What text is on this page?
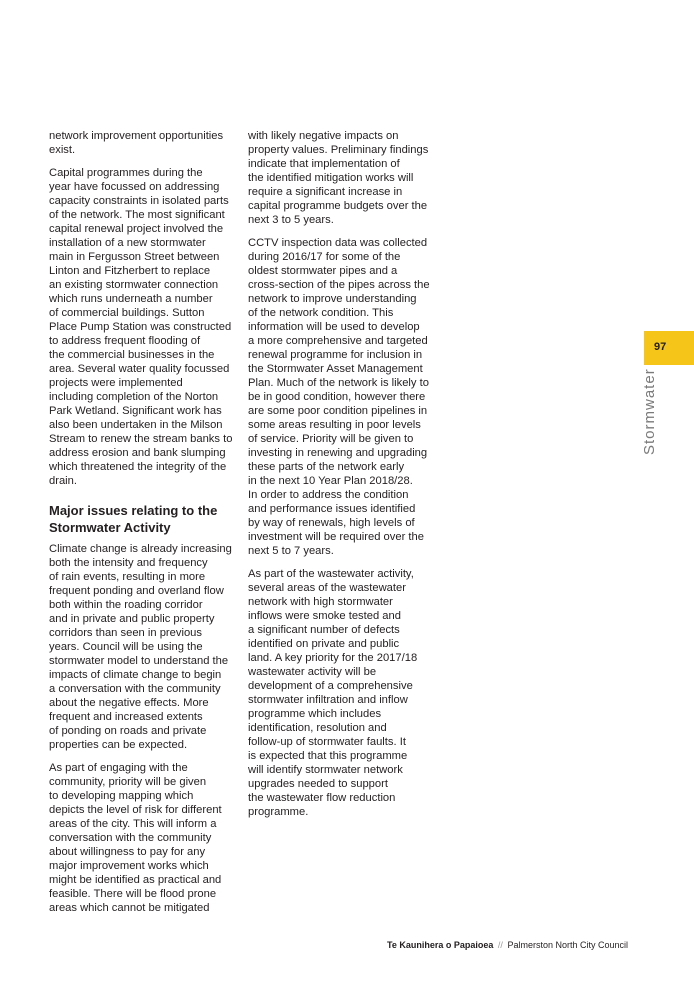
network improvement opportunities
exist.
Capital programmes during the
year have focussed on addressing
capacity constraints in isolated parts
of the network. The most significant
capital renewal project involved the
installation of a new stormwater
main in Fergusson Street between
Linton and Fitzherbert to replace
an existing stormwater connection
which runs underneath a number
of commercial buildings. Sutton
Place Pump Station was constructed
to address frequent flooding of
the commercial businesses in the
area. Several water quality focussed
projects were implemented
including completion of the Norton
Park Wetland. Significant work has
also been undertaken in the Milson
Stream to renew the stream banks to
address erosion and bank slumping
which threatened the integrity of the
drain.
Major issues relating to the
Stormwater Activity
Climate change is already increasing
both the intensity and frequency
of rain events, resulting in more
frequent ponding and overland flow
both within the roading corridor
and in private and public property
corridors than seen in previous
years. Council will be using the
stormwater model to understand the
impacts of climate change to begin
a conversation with the community
about the negative effects. More
frequent and increased extents
of ponding on roads and private
properties can be expected.
As part of engaging with the
community, priority will be given
to developing mapping which
depicts the level of risk for different
areas of the city. This will inform a
conversation with the community
about willingness to pay for any
major improvement works which
might be identified as practical and
feasible. There will be flood prone
areas which cannot be mitigated
with likely negative impacts on
property values. Preliminary findings
indicate that implementation of
the identified mitigation works will
require a significant increase in
capital programme budgets over the
next 3 to 5 years.
CCTV inspection data was collected
during 2016/17 for some of the
oldest stormwater pipes and a
cross-section of the pipes across the
network to improve understanding
of the network condition. This
information will be used to develop
a more comprehensive and targeted
renewal programme for inclusion in
the Stormwater Asset Management
Plan. Much of the network is likely to
be in good condition, however there
are some poor condition pipelines in
some areas resulting in poor levels
of service. Priority will be given to
investing in renewing and upgrading
these parts of the network early
in the next 10 Year Plan 2018/28.
In order to address the condition
and performance issues identified
by way of renewals, high levels of
investment will be required over the
next 5 to 7 years.
As part of the wastewater activity,
several areas of the wastewater
network with high stormwater
inflows were smoke tested and
a significant number of defects
identified on private and public
land. A key priority for the 2017/18
wastewater activity will be
development of a comprehensive
stormwater infiltration and inflow
programme which includes
identification, resolution and
follow-up of stormwater faults. It
is expected that this programme
will identify stormwater network
upgrades needed to support
the wastewater flow reduction
programme.
97
Stormwater
Te Kaunihera o Papaioea // Palmerston North City Council
